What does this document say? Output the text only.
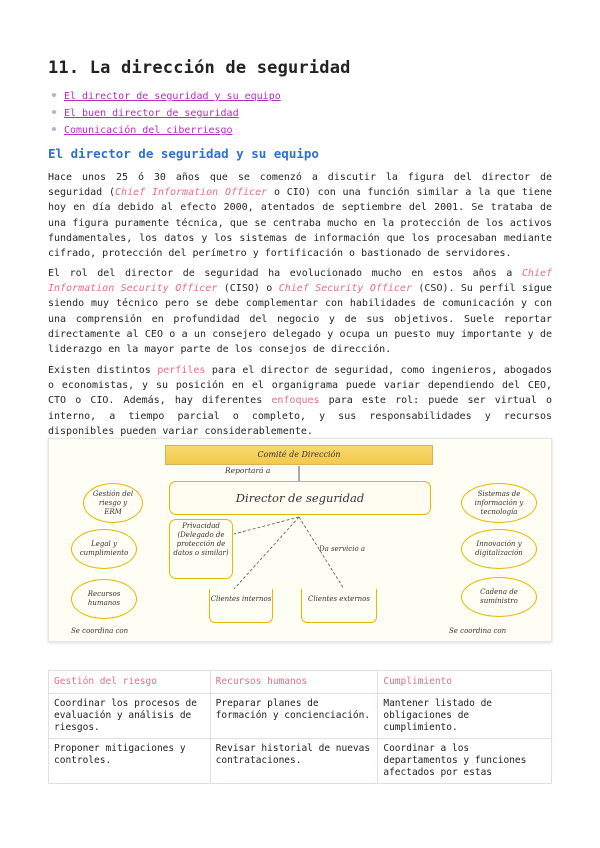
11. La dirección de seguridad
El director de seguridad y su equipo
El buen director de seguridad
Comunicación del ciberriesgo
El director de seguridad y su equipo

Hace unos 25 ó 30 años que se comenzó a discutir la figura del director de seguridad (Chief Information Officer o CIO) con una función similar a la que tiene hoy en día debido al efecto 2000, atentados de septiembre del 2001. Se trataba de una figura puramente técnica, que se centraba mucho en la protección de los activos fundamentales, los datos y los sistemas de información que los procesaban mediante cifrado, protección del perímetro y fortificación o bastionado de servidores.

El rol del director de seguridad ha evolucionado mucho en estos años a Chief Information Security Officer (CISO) o Chief Security Officer (CSO). Su perfil sigue siendo muy técnico pero se debe complementar con habilidades de comunicación y con una comprensión en profundidad del negocio y de sus objetivos. Suele reportar directamente al CEO o a un consejero delegado y ocupa un puesto muy importante y de liderazgo en la mayor parte de los consejos de dirección.

Existen distintos perfiles para el director de seguridad, como ingenieros, abogados o economistas, y su posición en el organigrama puede variar dependiendo del CEO, CTO o CIO. Además, hay diferentes enfoques para este rol: puede ser virtual o interno, a tiempo parcial o completo, y sus responsabilidades y recursos disponibles pueden variar considerablemente.

Comité de Dirección
Reportará a
Director de seguridad
Privacidad (Delegado de protección de datos o similar)	Da servicio a
Clientes internos	Clientes externos
Gestión del riesgo y ERM
Legal y cumplimiento
Recursos humanos
Se coordina con
Sistemas de información y tecnología
Innovación y digitalización
Cadena de suministro
Se coordina con
Gestión del riesgo	Recursos humanos	Cumplimiento
Coordinar los procesos de evaluación y análisis de riesgos.	Preparar planes de formación y concienciación.	Mantener listado de obligaciones de cumplimiento.
Proponer mitigaciones y controles.	Revisar historial de nuevas contrataciones.	Coordinar a los departamentos y funciones afectados por estas
